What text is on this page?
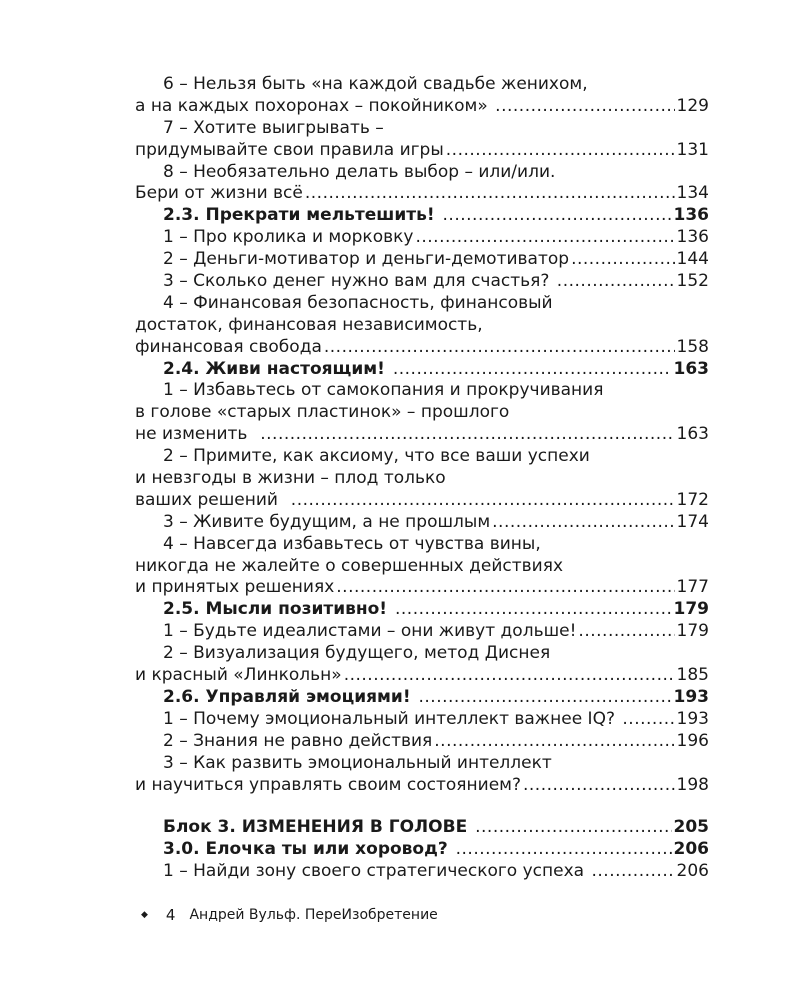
6 – Нельзя быть «на каждой свадьбе женихом,
а на каждых похоронах – покойником» .....	129
7 – Хотите выигрывать –
придумывайте свои правила игры .....	131
8 – Необязательно делать выбор – или/или.
Бери от жизни всё .....	134
2.3. Прекрати мельтешить! .....	136
1 – Про кролика и морковку .....	136
2 – Деньги-мотиватор и деньги-демотиватор .....	144
3 – Сколько денег нужно вам для счастья? .....	152
4 – Финансовая безопасность, финансовый
достаток, финансовая независимость,
финансовая свобода .....	158
2.4. Живи настоящим! .....	163
1 – Избавьтесь от самокопания и прокручивания
в голове «старых пластинок» – прошлого
не изменить .....	163
2 – Примите, как аксиому, что все ваши успехи
и невзгоды в жизни – плод только
ваших решений .....	172
3 – Живите будущим, а не прошлым .....	174
4 – Навсегда избавьтесь от чувства вины,
никогда не жалейте о совершенных действиях
и принятых решениях .....	177
2.5. Мысли позитивно! .....	179
1 – Будьте идеалистами – они живут дольше! .....	179
2 – Визуализация будущего, метод Диснея
и красный «Линкольн» .....	185
2.6. Управляй эмоциями! .....	193
1 – Почему эмоциональный интеллект важнее IQ? .....	193
2 – Знания не равно действия .....	196
3 – Как развить эмоциональный интеллект
и научиться управлять своим состоянием? .....	198
Блок 3. ИЗМЕНЕНИЯ В ГОЛОВЕ .....	205
3.0. Елочка ты или хоровод? .....	206
1 – Найди зону своего стратегического успеха .....	206
◆ 4 Андрей Вульф. ПереИзобретение
